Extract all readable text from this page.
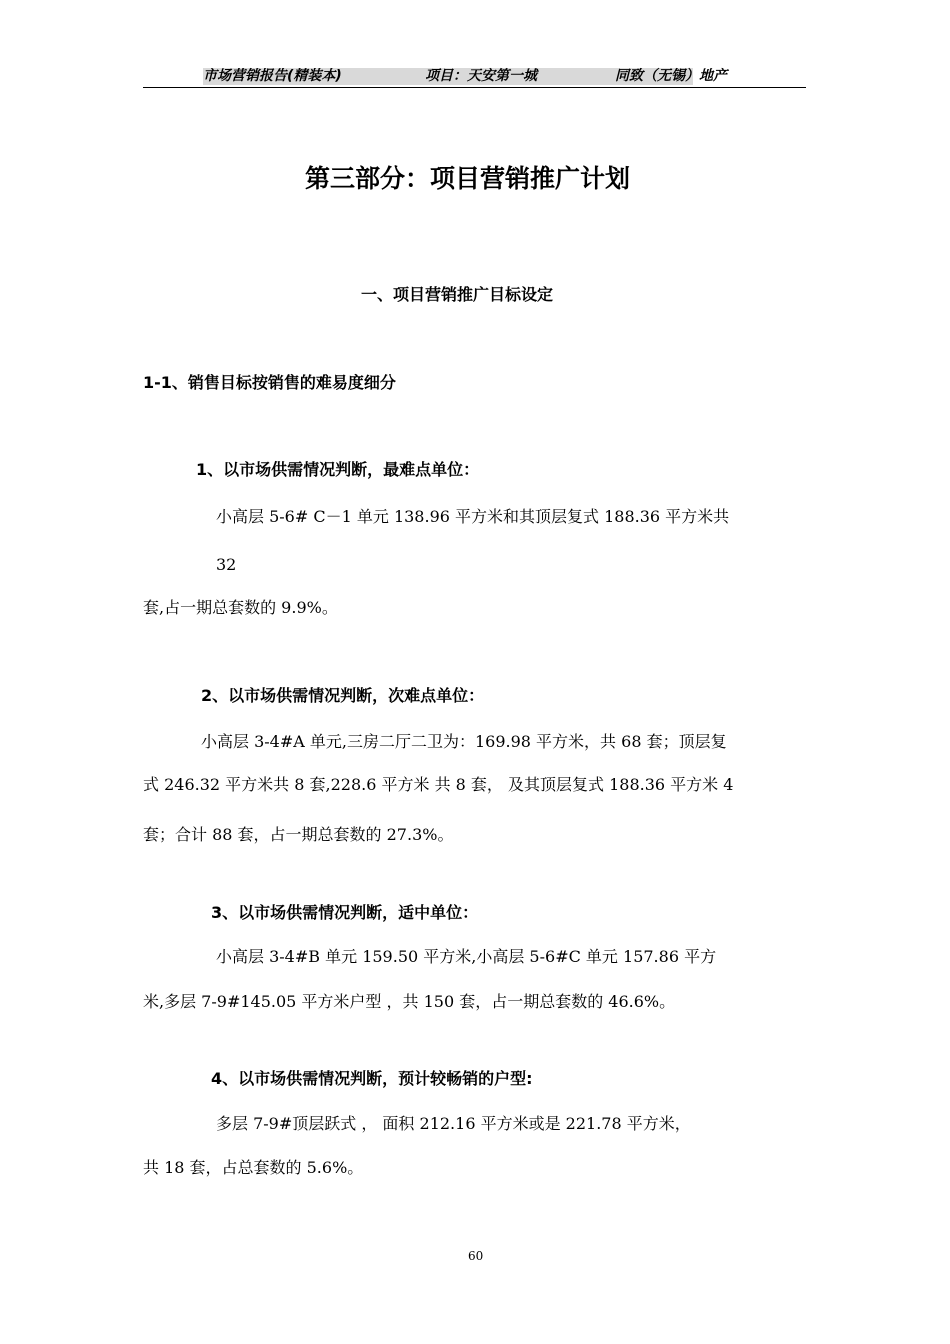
市场营销报告(精装本)	项目：天安第一城	同致（无锡）地产
第三部分：项目营销推广计划
一、项目营销推广目标设定
1-1、销售目标按销售的难易度细分
1、以市场供需情况判断，最难点单位：
小高层 5-6# C－1 单元 138.96 平方米和其顶层复式 188.36 平方米共
32
套,占一期总套数的 9.9%。
2、以市场供需情况判断，次难点单位：
小高层 3-4#A 单元,三房二厅二卫为：169.98 平方米，共 68 套；顶层复
式 246.32 平方米共 8 套,228.6 平方米 共 8 套， 及其顶层复式 188.36 平方米 4
套；合计 88 套，占一期总套数的 27.3%。
3、以市场供需情况判断，适中单位：
小高层 3-4#B 单元 159.50 平方米,小高层 5-6#C 单元 157.86 平方
米,多层 7-9#145.05 平方米户型 ，共 150 套，占一期总套数的 46.6%。
4、以市场供需情况判断，预计较畅销的户型:
多层 7-9#顶层跃式 ， 面积 212.16 平方米或是 221.78 平方米，
共 18 套，占总套数的 5.6%。
60
